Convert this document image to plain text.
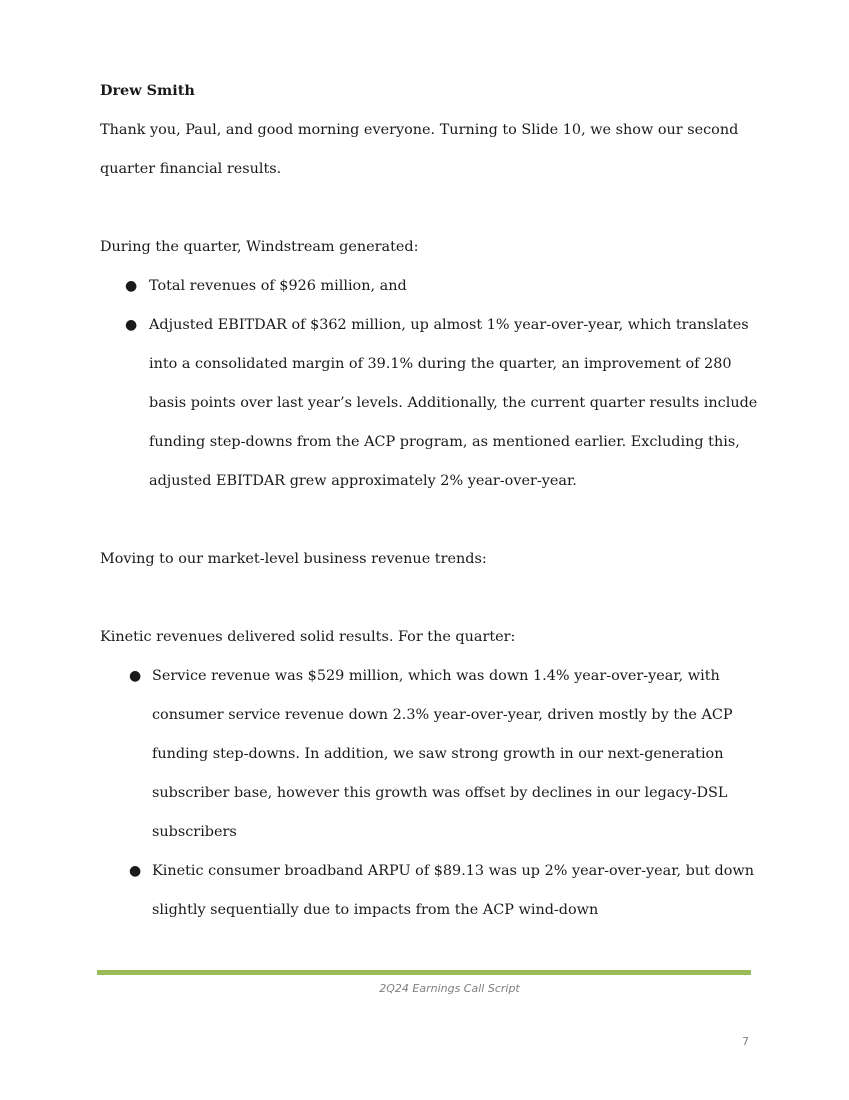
Drew Smith
Thank you, Paul, and good morning everyone. Turning to Slide 10, we show our second
quarter financial results.
During the quarter, Windstream generated:
● Total revenues of $926 million, and
● Adjusted EBITDAR of $362 million, up almost 1% year-over-year, which translates
into a consolidated margin of 39.1% during the quarter, an improvement of 280
basis points over last year’s levels. Additionally, the current quarter results include
funding step-downs from the ACP program, as mentioned earlier. Excluding this,
adjusted EBITDAR grew approximately 2% year-over-year.
Moving to our market-level business revenue trends:
Kinetic revenues delivered solid results. For the quarter:
● Service revenue was $529 million, which was down 1.4% year-over-year, with
consumer service revenue down 2.3% year-over-year, driven mostly by the ACP
funding step-downs. In addition, we saw strong growth in our next-generation
subscriber base, however this growth was offset by declines in our legacy-DSL
subscribers
● Kinetic consumer broadband ARPU of $89.13 was up 2% year-over-year, but down
slightly sequentially due to impacts from the ACP wind-down
2Q24 Earnings Call Script
7
